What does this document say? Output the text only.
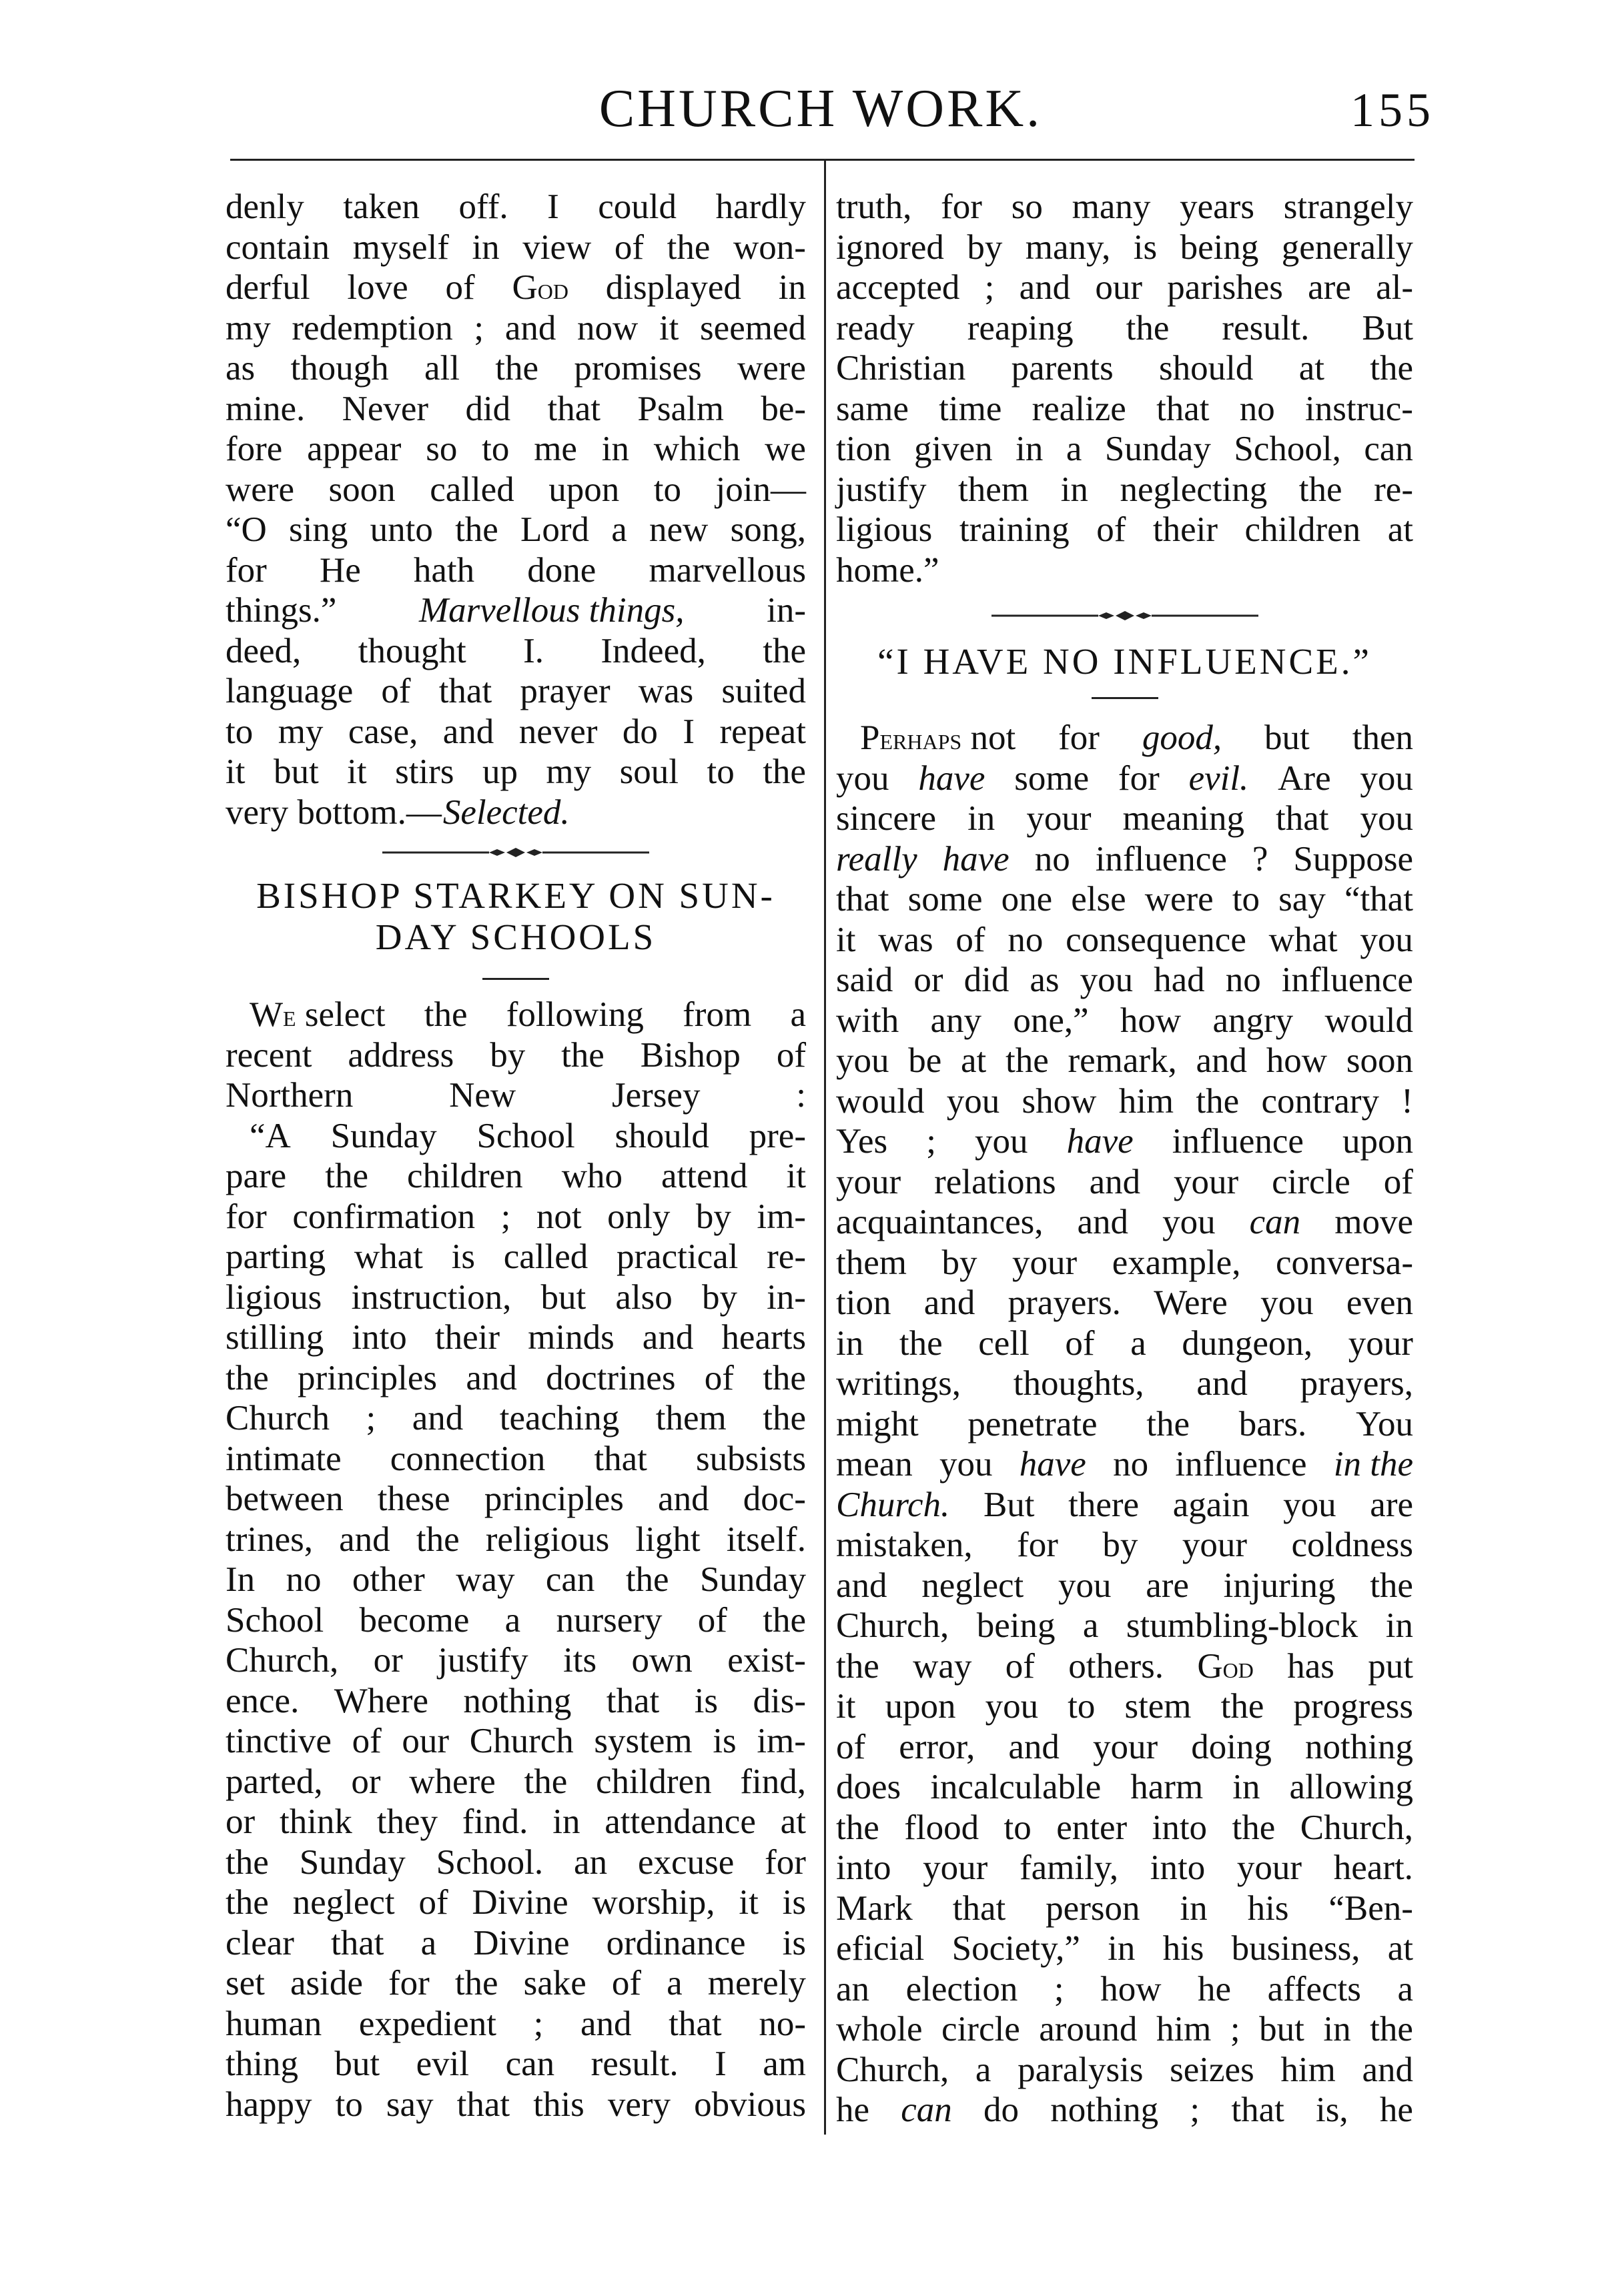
CHURCH WORK.	155
denly taken off. I could hardly
contain myself in view of the won-
derful love of God displayed in
my redemption ; and now it seemed
as though all the promises were
mine. Never did that Psalm be-
fore appear so to me in which we
were soon called upon to join—
“O sing unto the Lord a new song,
for He hath done marvellous
things.” Marvellous things, in-
deed, thought I. Indeed, the
language of that prayer was suited
to my case, and never do I repeat
it but it stirs up my soul to the
very bottom.— Selected.
BISHOP STARKEY ON SUN-
DAY SCHOOLS
We select the following from a
recent address by the Bishop of
Northern	New	Jersey	:
“A Sunday School should pre-
pare the children who attend it
for confirmation ; not only by im-
parting what is called practical re-
ligious instruction, but also by in-
stilling into their minds and hearts
the principles and doctrines of the
Church ; and teaching them the
intimate connection that subsists
between these principles and doc-
trines, and the religious light itself.
In no other way can the Sunday
School become a nursery of the
Church, or justify its own exist-
ence. Where nothing that is dis-
tinctive of our Church system is im-
parted, or where the children find,
or think they find. in attendance at
the Sunday School. an excuse for
the neglect of Divine worship, it is
clear that a Divine ordinance is
set aside for the sake of a merely
human expedient ; and that no-
thing but evil can result. I am
happy to say that this very obvious
truth, for so many years strangely
ignored by many, is being generally
accepted ; and our parishes are al-
ready reaping the result. But
Christian parents should at the
same time realize that no instruc-
tion given in a Sunday School, can
justify them in neglecting the re-
ligious training of their children at
home.”
“I HAVE NO INFLUENCE.”
Perhaps not for good, but then
you have some for evil. Are you
sincere in your meaning that you
really have no influence ? Suppose
that some one else were to say “that
it was of no consequence what you
said or did as you had no influence
with any one,” how angry would
you be at the remark, and how soon
would you show him the contrary !
Yes ; you have influence upon
your relations and your circle of
acquaintances, and you can move
them by your example, conversa-
tion and prayers. Were you even
in the cell of a dungeon, your
writings, thoughts, and prayers,
might penetrate the bars. You
mean you have no influence in the
Church. But there again you are
mistaken, for by your coldness
and neglect you are injuring the
Church, being a stumbling-block in
the way of others. God has put
it upon you to stem the progress
of error, and your doing nothing
does incalculable harm in allowing
the flood to enter into the Church,
into your family, into your heart.
Mark that person in his “Ben-
eficial Society,” in his business, at
an election ; how he affects a
whole circle around him ; but in the
Church, a paralysis seizes him and
he can do nothing ; that is, he
